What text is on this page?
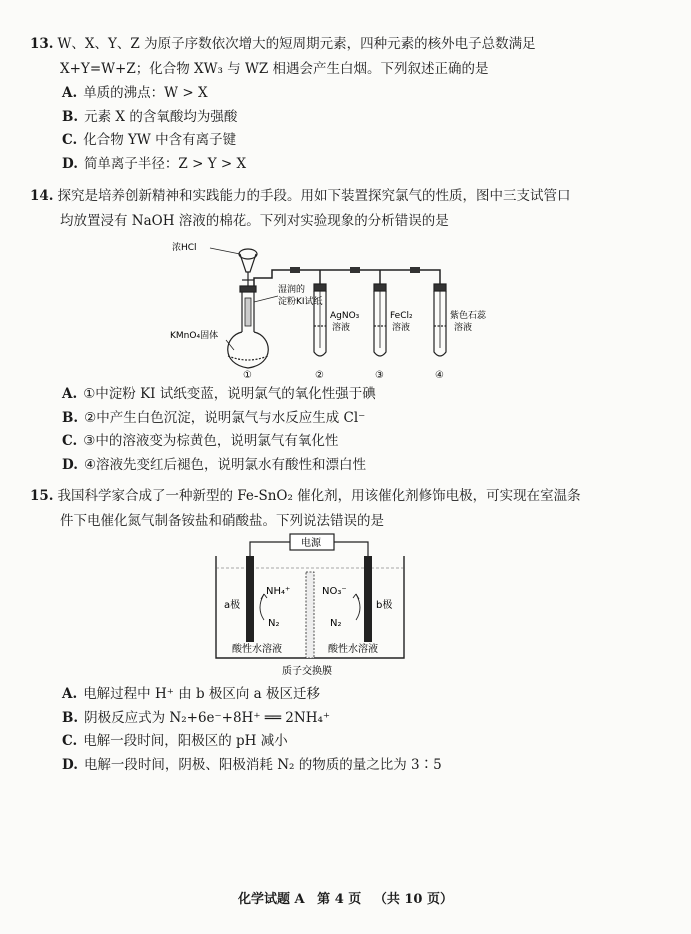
13. W、X、Y、Z 为原子序数依次增大的短周期元素，四种元素的核外电子总数满足
X+Y=W+Z；化合物 XW₃ 与 WZ 相遇会产生白烟。下列叙述正确的是
A. 单质的沸点：W > X
B. 元素 X 的含氧酸均为强酸
C. 化合物 YW 中含有离子键
D. 简单离子半径：Z > Y > X
14. 探究是培养创新精神和实践能力的手段。用如下装置探究氯气的性质，图中三支试管口
均放置浸有 NaOH 溶液的棉花。下列对实验现象的分析错误的是
浓HCl
湿润的
淀粉KI试纸
KMnO₄固体
AgNO₃
溶液
FeCl₂
溶液
紫色石蕊
溶液
①	②	③	④
A. ①中淀粉 KI 试纸变蓝，说明氯气的氧化性强于碘
B. ②中产生白色沉淀，说明氯气与水反应生成 Cl⁻
C. ③中的溶液变为棕黄色，说明氯气有氧化性
D. ④溶液先变红后褪色，说明氯水有酸性和漂白性
15. 我国科学家合成了一种新型的 Fe-SnO₂ 催化剂，用该催化剂修饰电极，可实现在室温条
件下电催化氮气制备铵盐和硝酸盐。下列说法错误的是
电源
a极	b极
NH₄⁺
N₂
NO₃⁻
N₂
酸性水溶液	酸性水溶液
质子交换膜
A. 电解过程中 H⁺ 由 b 极区向 a 极区迁移
B. 阴极反应式为 N₂+6e⁻+8H⁺ ══ 2NH₄⁺
C. 电解一段时间，阳极区的 pH 减小
D. 电解一段时间，阴极、阳极消耗 N₂ 的物质的量之比为 3∶5
化学试题 A 第 4 页 （共 10 页）
